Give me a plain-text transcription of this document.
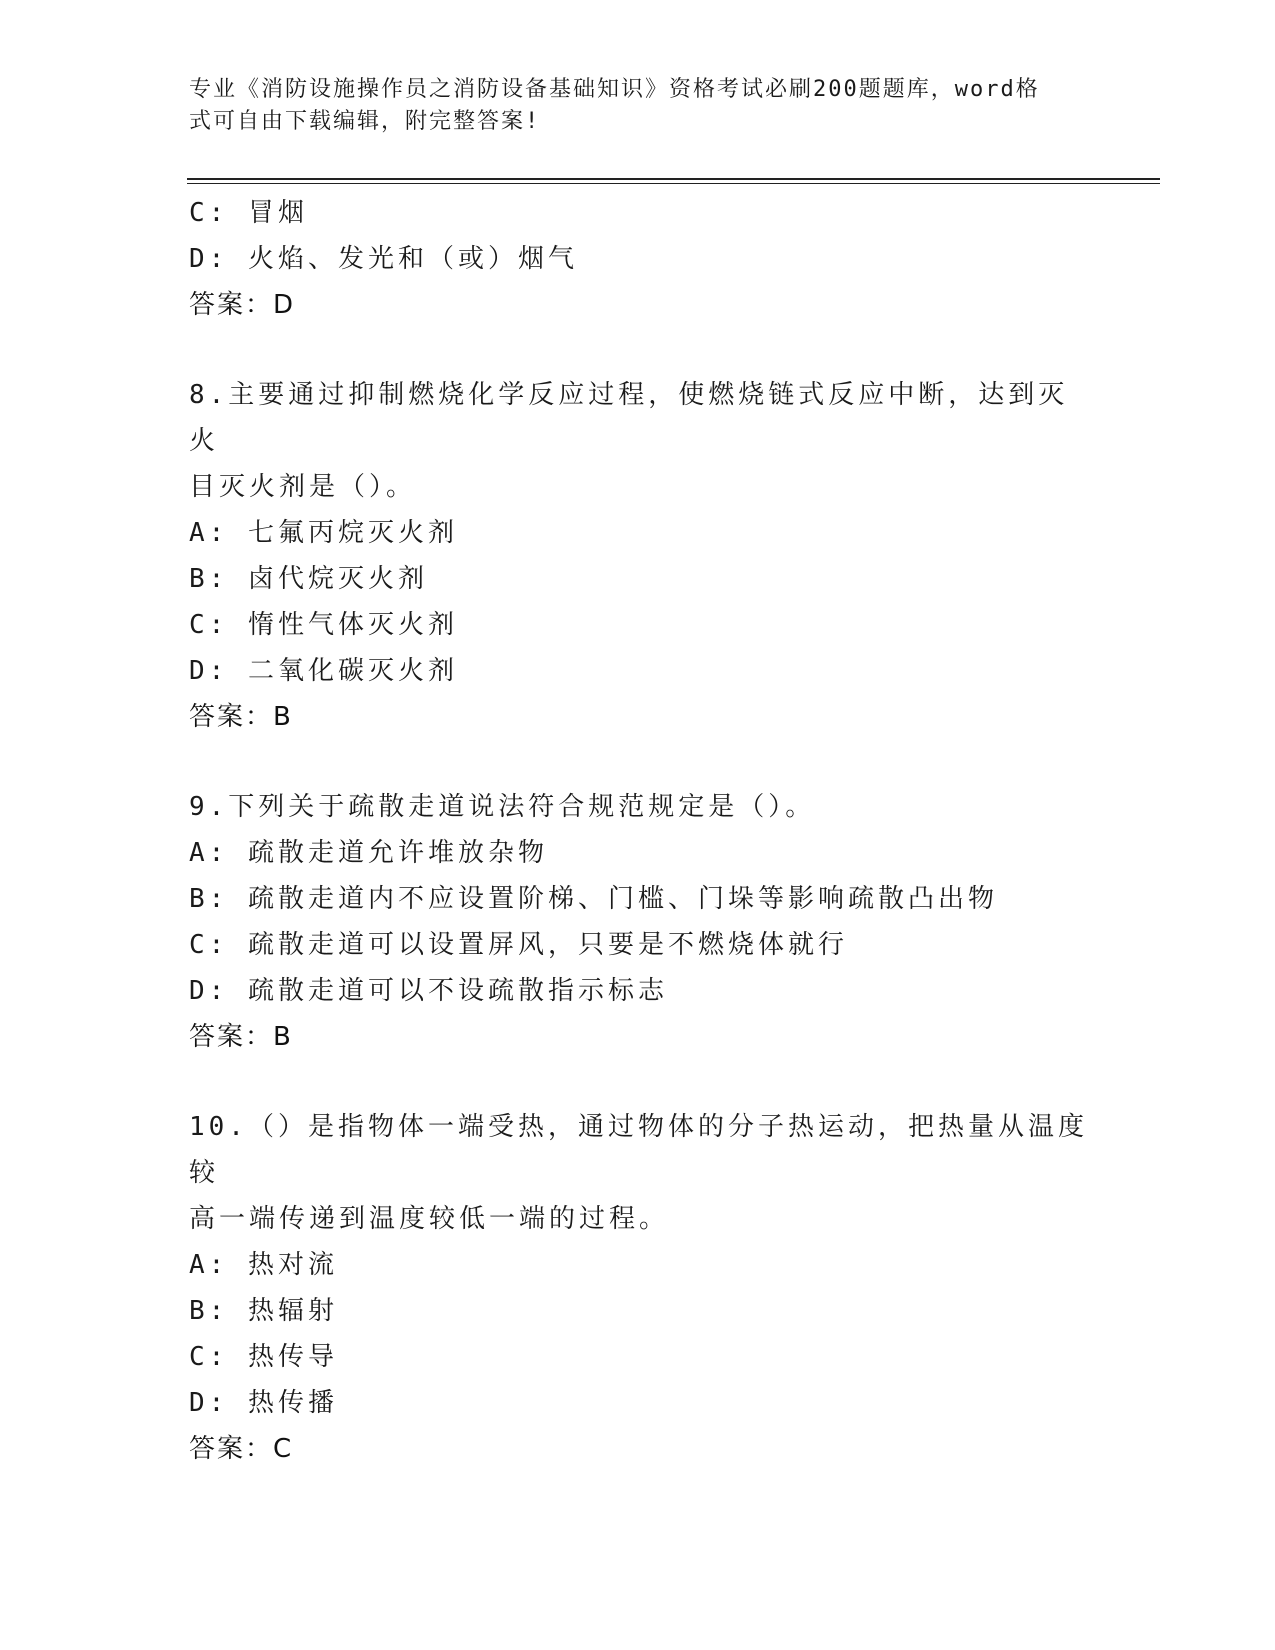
专业《消防设施操作员之消防设备基础知识》资格考试必刷200题题库，word格
式可自由下载编辑，附完整答案!
C: 冒烟
D: 火焰、发光和（或）烟气
答案：D
8.主要通过抑制燃烧化学反应过程，使燃烧链式反应中断，达到灭火
目灭火剂是（）。
A: 七氟丙烷灭火剂
B: 卤代烷灭火剂
C: 惰性气体灭火剂
D: 二氧化碳灭火剂
答案：B
9.下列关于疏散走道说法符合规范规定是（）。
A: 疏散走道允许堆放杂物
B: 疏散走道内不应设置阶梯、门槛、门垛等影响疏散凸出物
C: 疏散走道可以设置屏风，只要是不燃烧体就行
D: 疏散走道可以不设疏散指示标志
答案：B
10.（）是指物体一端受热，通过物体的分子热运动，把热量从温度较
高一端传递到温度较低一端的过程。
A: 热对流
B: 热辐射
C: 热传导
D: 热传播
答案：C
